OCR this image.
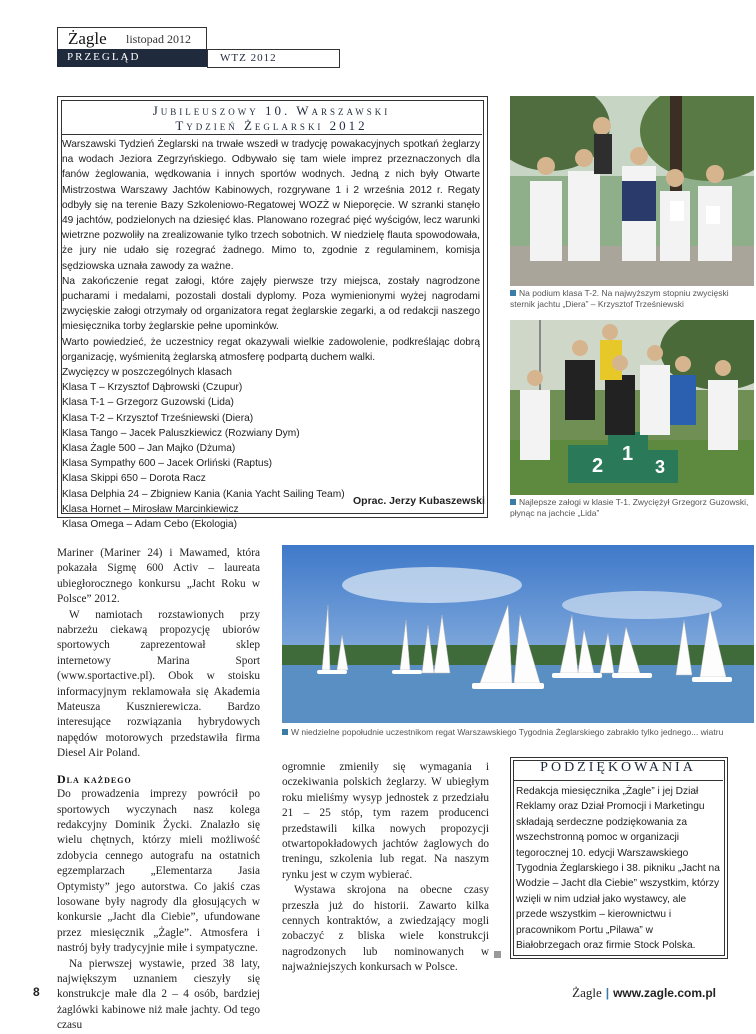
Żagle listopad 2012
PRZEGLĄD	WTZ 2012
Jubileuszowy 10. Warszawski
Tydzień Żeglarski 2012

Warszawski Tydzień Żeglarski na trwałe wszedł w tradycję powakacyjnych spotkań żeglarzy na wodach Jeziora Zegrzyńskiego. Odbywało się tam wiele imprez przeznaczonych dla fanów żeglowania, wędkowania i innych sportów wodnych. Jedną z nich były Otwarte Mistrzostwa Warszawy Jachtów Kabinowych, rozgrywane 1 i 2 września 2012 r. Regaty odbyły się na terenie Bazy Szkoleniowo-Regatowej WOZŻ w Nieporęcie. W szranki stanęło 49 jachtów, podzielonych na dziesięć klas. Planowano rozegrać pięć wyścigów, lecz warunki wietrzne pozwoliły na zrealizowanie tylko trzech sobotnich. W niedzielę flauta spowodowała, że jury nie udało się rozegrać żadnego. Mimo to, zgodnie z regulaminem, komisja sędziowska uznała zawody za ważne.

Na zakończenie regat załogi, które zajęły pierwsze trzy miejsca, zostały nagrodzone pucharami i medalami, pozostali dostali dyplomy. Poza wymienionymi wyżej nagrodami zwycięskie załogi otrzymały od organizatora regat żeglarskie zegarki, a od redakcji naszego miesięcznika torby żeglarskie pełne upominków.

Warto powiedzieć, że uczestnicy regat okazywali wielkie zadowolenie, podkreślając dobrą organizację, wyśmienitą żeglarską atmosferę podpartą duchem walki.

Zwycięzcy w poszczególnych klasach

Klasa T – Krzysztof Dąbrowski (Czupur)

Klasa T-1 – Grzegorz Guzowski (Lida)

Klasa T-2 – Krzysztof Trześniewski (Diera)

Klasa Tango – Jacek Paluszkiewicz (Rozwiany Dym)

Klasa Żagle 500 – Jan Majko (Dżuma)

Klasa Sympathy 600 – Jacek Orliński (Raptus)

Klasa Skippi 650 – Dorota Racz

Klasa Delphia 24 – Zbigniew Kania (Kania Yacht Sailing Team)

Klasa Hornet – Mirosław Marcinkiewicz

Klasa Omega – Adam Cebo (Ekologia)

Oprac. Jerzy Kubaszewski
Na podium klasa T-2. Na najwyższym stopniu zwycięski sternik jachtu „Diera” – Krzysztof Trześniewski
2
1
3
Najlepsze załogi w klasie T-1. Zwyciężył Grzegorz Guzowski, płynąc na jachcie „Lida”
W niedzielne popołudnie uczestnikom regat Warszawskiego Tygodnia Żeglarskiego zabrakło tylko jednego... wiatru

Mariner (Mariner 24) i Mawamed, która pokazała Sigmę 600 Activ – laureata ubiegłorocznego konkursu „Jacht Roku w Polsce” 2012.

W namiotach rozstawionych przy nabrzeżu ciekawą propozycję ubiorów sportowych zaprezentował sklep internetowy Marina Sport (www.sportactive.pl). Obok w stoisku informacyjnym reklamowała się Akademia Mateusza Kusznierewicza. Bardzo interesujące rozwiązania hybrydowych napędów motorowych przedstawiła firma Diesel Air Poland.

Dla każdego

Do prowadzenia imprezy powrócił po sportowych wyczynach nasz kolega redakcyjny Dominik Życki. Znalazło się wielu chętnych, którzy mieli możliwość zdobycia cennego autografu na ostatnich egzemplarzach „Elementarza Jasia Optymisty” jego autorstwa. Co jakiś czas losowane były nagrody dla głosujących w konkursie „Jacht dla Ciebie”, ufundowane przez miesięcznik „Żagle”. Atmosfera i nastrój były tradycyjnie miłe i sympatyczne.

Na pierwszej wystawie, przed 38 laty, największym uznaniem cieszyły się konstrukcje małe dla 2 – 4 osób, bardziej żaglówki kabinowe niż małe jachty. Od tego czasu

ogromnie zmieniły się wymagania i oczekiwania polskich żeglarzy. W ubiegłym roku mieliśmy wysyp jednostek z przedziału 21 – 25 stóp, tym razem producenci przedstawili kilka nowych propozycji otwartopokładowych jachtów żaglowych do treningu, szkolenia lub regat. Na naszym rynku jest w czym wybierać.

Wystawa skrojona na obecne czasy przeszła już do historii. Zawarto kilka cennych kontraktów, a zwiedzający mogli zobaczyć z bliska wiele konstrukcji nagrodzonych lub nominowanych w najważniejszych konkursach w Polsce.

PODZIĘKOWANIA
Redakcja miesięcznika „Żagle” i jej Dział Reklamy oraz Dział Promocji i Marketingu składają serdeczne podziękowania za wszechstronną pomoc w organizacji tegorocznej 10. edycji Warszawskiego Tygodnia Żeglarskiego i 38. pikniku „Jacht na Wodzie – Jacht dla Ciebie” wszystkim, którzy wzięli w nim udział jako wystawcy, ale przede wszystkim – kierownictwu i pracownikom Portu „Pilawa” w Białobrzegach oraz firmie Stock Polska.
8	Żagle | www.zagle.com.pl
